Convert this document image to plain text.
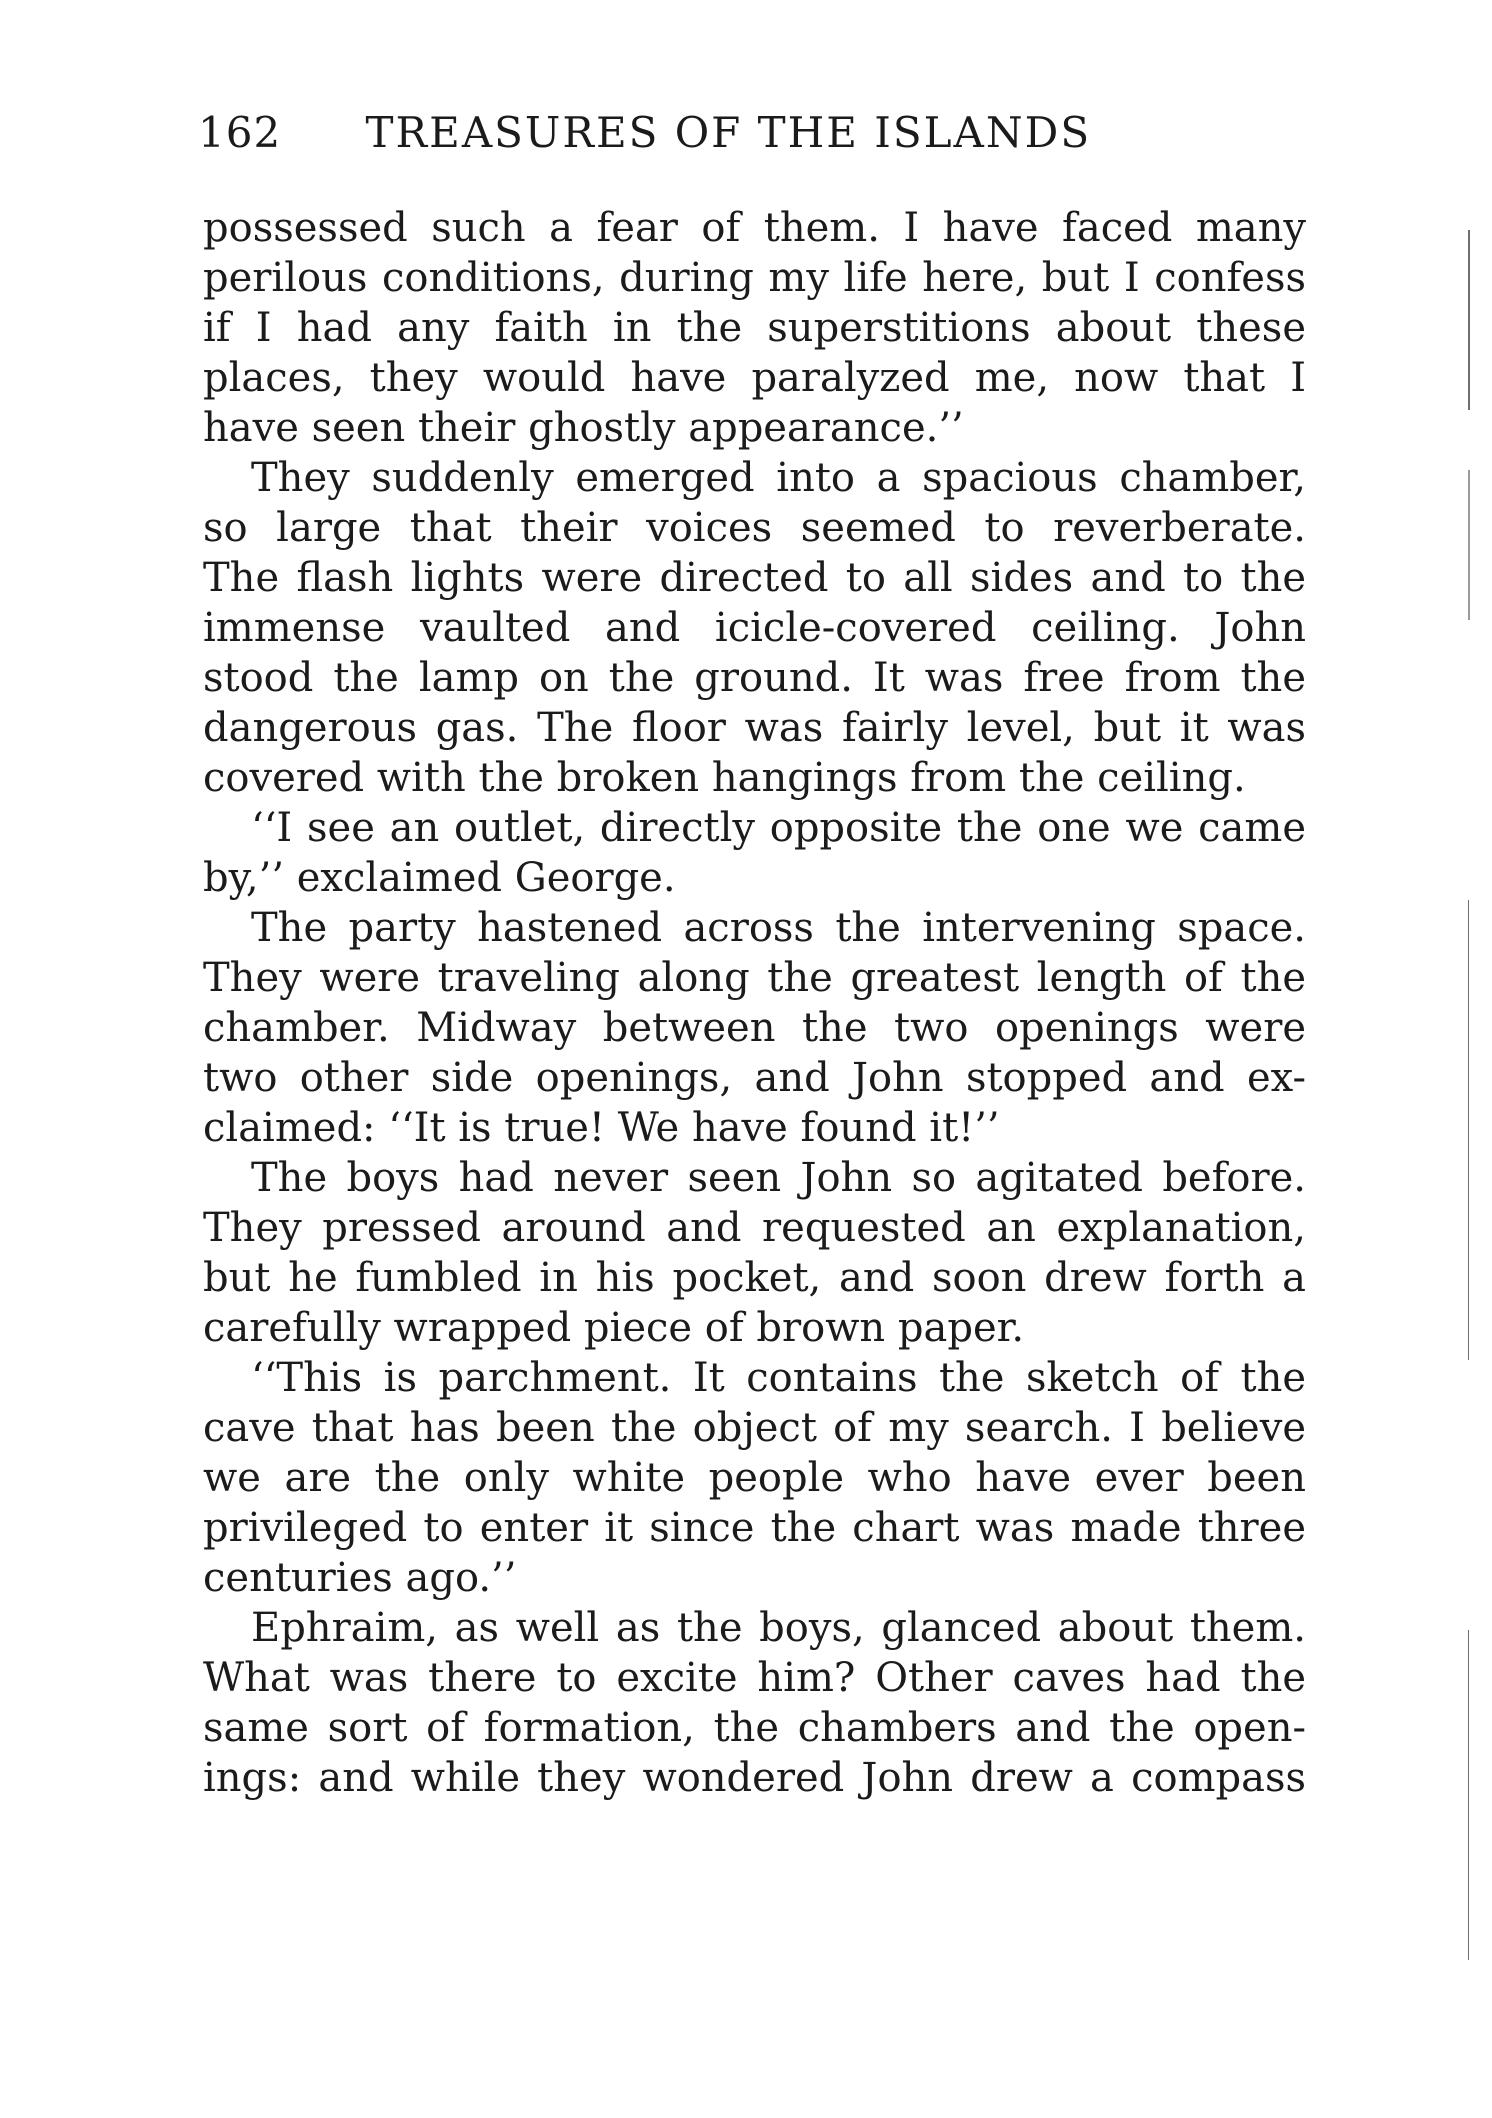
162 TREASURES OF THE ISLANDS
possessed such a fear of them. I have faced many
perilous conditions, during my life here, but I confess
if I had any faith in the superstitions about these
places, they would have paralyzed me, now that I
have seen their ghostly appearance.’’
They suddenly emerged into a spacious chamber,
so large that their voices seemed to reverberate.
The flash lights were directed to all sides and to the
immense vaulted and icicle-covered ceiling. John
stood the lamp on the ground. It was free from the
dangerous gas. The floor was fairly level, but it was
covered with the broken hangings from the ceiling.
‘‘I see an outlet, directly opposite the one we came
by,’’ exclaimed George.
The party hastened across the intervening space.
They were traveling along the greatest length of the
chamber. Midway between the two openings were
two other side openings, and John stopped and ex-
claimed: ‘‘It is true! We have found it!’’
The boys had never seen John so agitated before.
They pressed around and requested an explanation,
but he fumbled in his pocket, and soon drew forth a
carefully wrapped piece of brown paper.
‘‘This is parchment. It contains the sketch of the
cave that has been the object of my search. I believe
we are the only white people who have ever been
privileged to enter it since the chart was made three
centuries ago.’’
Ephraim, as well as the boys, glanced about them.
What was there to excite him? Other caves had the
same sort of formation, the chambers and the open-
ings: and while they wondered John drew a compass
